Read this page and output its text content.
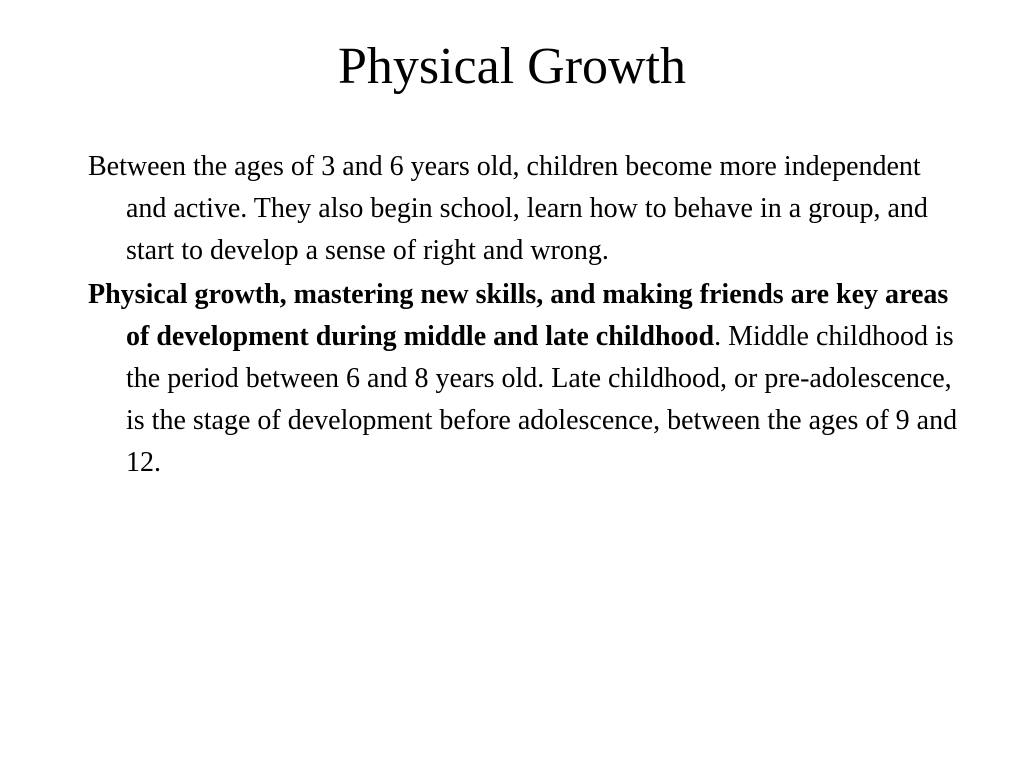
Physical Growth

Between the ages of 3 and 6 years old, children become more independent and active. They also begin school, learn how to behave in a group, and start to develop a sense of right and wrong.

Physical growth, mastering new skills, and making friends are key areas of development during middle and late childhood. Middle childhood is the period between 6 and 8 years old. Late childhood, or pre-adolescence, is the stage of development before adolescence, between the ages of 9 and 12.
